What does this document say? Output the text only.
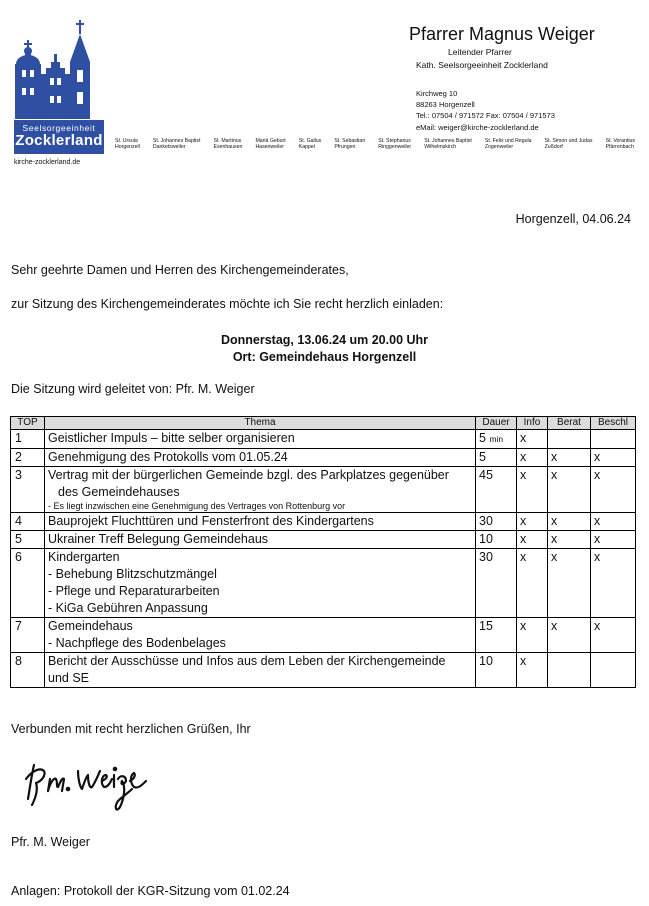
Seelsorgeeinheit
Zocklerland
kirche-zocklerland.de
St. Ursula
Horgenzell
St. Johannes Baptist
Danketsweiler
St. Martinus
Esenhausen
Mariä Geburt
Hasenweiler
St. Gallus
Kappel
St. Sebastian
Pfrungen
St. Stephanus
Ringgenweiler
St. Johannes Baptist
Wilhelmskirch
St. Felix und Regula
Zogenweiler
St. Simon und Judas
Zußdorf
St. Verantius
Pfärrenbach
Pfarrer Magnus Weiger
Leitender Pfarrer
Kath. Seelsorgeeinheit Zocklerland
Kirchweg 10
88263 Horgenzell
Tel.: 07504 / 971572 Fax: 07504 / 971573
eMail: weiger@kirche-zocklerland.de
Horgenzell, 04.06.24
Sehr geehrte Damen und Herren des Kirchengemeinderates,
zur Sitzung des Kirchengemeinderates möchte ich Sie recht herzlich einladen:
Donnerstag, 13.06.24 um 20.00 Uhr
Ort: Gemeindehaus Horgenzell
Die Sitzung wird geleitet von: Pfr. M. Weiger
TOP	Thema	Dauer	Info	Berat	Beschl
1	Geistlicher Impuls – bitte selber organisieren	5 min	x		
2	Genehmigung des Protokolls vom 01.05.24	5	x	x	x
3	Vertrag mit der bürgerlichen Gemeinde bzgl. des Parkplatzes gegenüber
des Gemeindehauses
- Es liegt inzwischen eine Genehmigung des Vertrages von Rottenburg vor	45	x	x	x
4	Bauprojekt Fluchttüren und Fensterfront des Kindergartens	30	x	x	x
5	Ukrainer Treff Belegung Gemeindehaus	10	x	x	x
6	Kindergarten
- Behebung Blitzschutzmängel
- Pflege und Reparaturarbeiten
- KiGa Gebühren Anpassung	30	x	x	x
7	Gemeindehaus
- Nachpflege des Bodenbelages	15	x	x	x
8	Bericht der Ausschüsse und Infos aus dem Leben der Kirchengemeinde
und SE	10	x		
Verbunden mit recht herzlichen Grüßen, Ihr
Pfr. M. Weiger
Anlagen: Protokoll der KGR-Sitzung vom 01.02.24
